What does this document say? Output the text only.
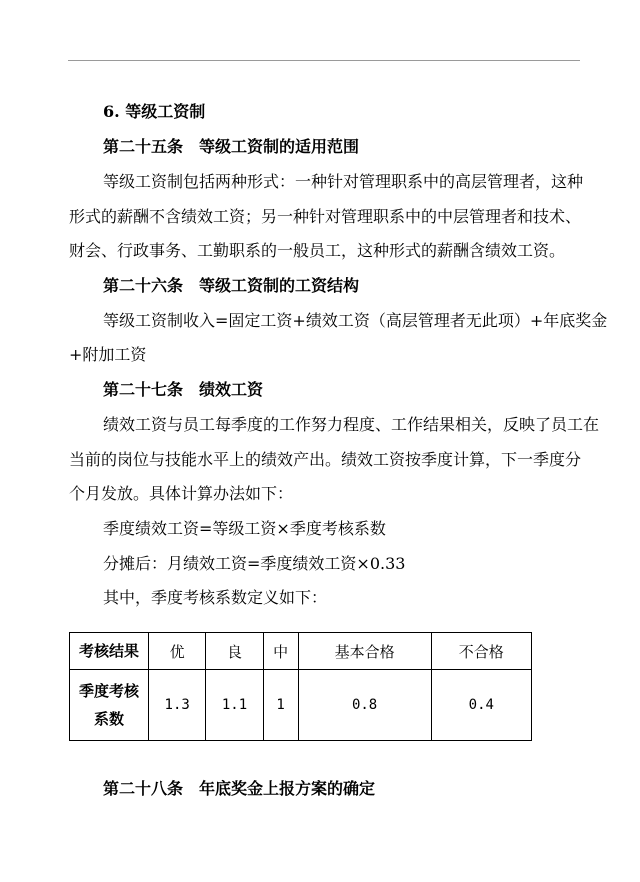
6. 等级工资制
第二十五条　等级工资制的适用范围
等级工资制包括两种形式：一种针对管理职系中的高层管理者，这种
形式的薪酬不含绩效工资；另一种针对管理职系中的中层管理者和技术、
财会、行政事务、工勤职系的一般员工，这种形式的薪酬含绩效工资。
第二十六条　等级工资制的工资结构
等级工资制收入=固定工资+绩效工资（高层管理者无此项）+年底奖金
+附加工资
第二十七条　绩效工资
绩效工资与员工每季度的工作努力程度、工作结果相关，反映了员工在
当前的岗位与技能水平上的绩效产出。绩效工资按季度计算，下一季度分
个月发放。具体计算办法如下：
季度绩效工资=等级工资×季度考核系数
分摊后：月绩效工资=季度绩效工资×0.33
其中，季度考核系数定义如下：
考核结果	优	良	中	基本合格	不合格

季度考核
系数	1.3	1.1	1	0.8	0.4
第二十八条　年底奖金上报方案的确定
